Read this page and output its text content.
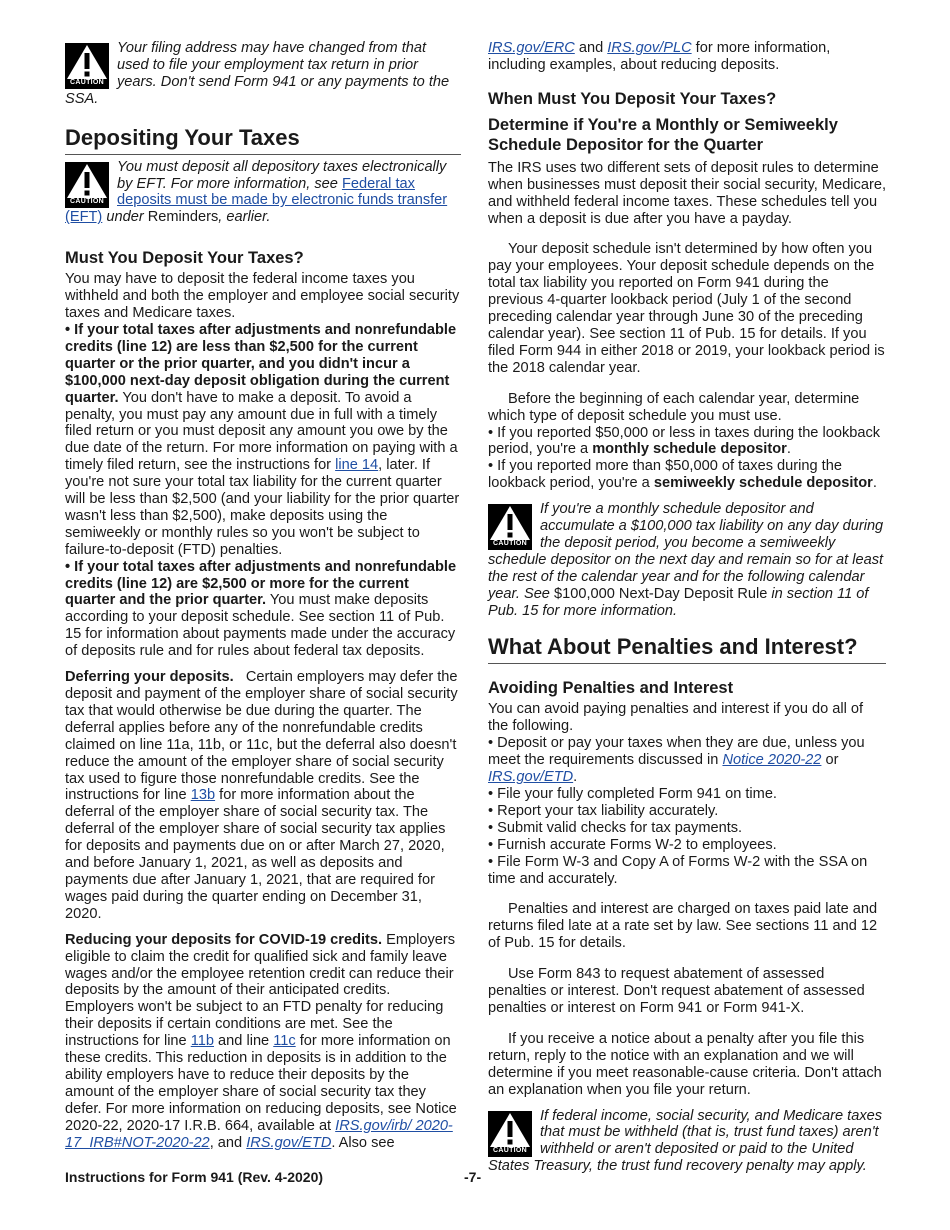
CAUTION

Your filing address may have changed from that used to file your employment tax return in prior years. Don't send Form 941 or any payments to the SSA.

Depositing Your Taxes
CAUTION

You must deposit all depository taxes electronically by EFT. For more information, see Federal tax deposits must be made by electronic funds transfer (EFT) under Reminders, earlier.

Must You Deposit Your Taxes?

You may have to deposit the federal income taxes you withheld and both the employer and employee social security taxes and Medicare taxes.

• If your total taxes after adjustments and nonrefundable credits (line 12) are less than $2,500 for the current quarter or the prior quarter, and you didn't incur a $100,000 next-day deposit obligation during the current quarter. You don't have to make a deposit. To avoid a penalty, you must pay any amount due in full with a timely filed return or you must deposit any amount you owe by the due date of the return. For more information on paying with a timely filed return, see the instructions for line 14, later. If you're not sure your total tax liability for the current quarter will be less than $2,500 (and your liability for the prior quarter wasn't less than $2,500), make deposits using the semiweekly or monthly rules so you won't be subject to failure-to-deposit (FTD) penalties.

• If your total taxes after adjustments and nonrefundable credits (line 12) are $2,500 or more for the current quarter and the prior quarter. You must make deposits according to your deposit schedule. See section 11 of Pub. 15 for information about payments made under the accuracy of deposits rule and for rules about federal tax deposits.

Deferring your deposits.   Certain employers may defer the deposit and payment of the employer share of social security tax that would otherwise be due during the quarter. The deferral applies before any of the nonrefundable credits claimed on line 11a, 11b, or 11c, but the deferral also doesn't reduce the amount of the employer share of social security tax used to figure those nonrefundable credits. See the instructions for line 13b for more information about the deferral of the employer share of social security tax. The deferral of the employer share of social security tax applies for deposits and payments due on or after March 27, 2020, and before January 1, 2021, as well as deposits and payments due after January 1, 2021, that are required for wages paid during the quarter ending on December 31, 2020.

Reducing your deposits for COVID-19 credits. Employers eligible to claim the credit for qualified sick and family leave wages and/or the employee retention credit can reduce their deposits by the amount of their anticipated credits. Employers won't be subject to an FTD penalty for reducing their deposits if certain conditions are met. See the instructions for line 11b and line 11c for more information on these credits. This reduction in deposits is in addition to the ability employers have to reduce their deposits by the amount of the employer share of social security tax they defer. For more information on reducing deposits, see Notice 2020-22, 2020-17 I.R.B. 664, available at IRS.gov/irb/ 2020-17_IRB#NOT-2020-22, and IRS.gov/ETD. Also see

IRS.gov/ERC and IRS.gov/PLC for more information, including examples, about reducing deposits.

When Must You Deposit Your Taxes?
Determine if You're a Monthly or Semiweekly Schedule Depositor for the Quarter

The IRS uses two different sets of deposit rules to determine when businesses must deposit their social security, Medicare, and withheld federal income taxes. These schedules tell you when a deposit is due after you have a payday.

Your deposit schedule isn't determined by how often you pay your employees. Your deposit schedule depends on the total tax liability you reported on Form 941 during the previous 4-quarter lookback period (July 1 of the second preceding calendar year through June 30 of the preceding calendar year). See section 11 of Pub. 15 for details. If you filed Form 944 in either 2018 or 2019, your lookback period is the 2018 calendar year.

Before the beginning of each calendar year, determine which type of deposit schedule you must use.

• If you reported $50,000 or less in taxes during the lookback period, you're a monthly schedule depositor.

• If you reported more than $50,000 of taxes during the lookback period, you're a semiweekly schedule depositor.

CAUTION

If you're a monthly schedule depositor and accumulate a $100,000 tax liability on any day during the deposit period, you become a semiweekly schedule depositor on the next day and remain so for at least the rest of the calendar year and for the following calendar year. See $100,000 Next-Day Deposit Rule in section 11 of Pub. 15 for more information.

What About Penalties and Interest?
Avoiding Penalties and Interest

You can avoid paying penalties and interest if you do all of the following.

• Deposit or pay your taxes when they are due, unless you meet the requirements discussed in Notice 2020-22 or IRS.gov/ETD.

• File your fully completed Form 941 on time.

• Report your tax liability accurately.

• Submit valid checks for tax payments.

• Furnish accurate Forms W-2 to employees.

• File Form W-3 and Copy A of Forms W-2 with the SSA on time and accurately.

Penalties and interest are charged on taxes paid late and returns filed late at a rate set by law. See sections 11 and 12 of Pub. 15 for details.

Use Form 843 to request abatement of assessed penalties or interest. Don't request abatement of assessed penalties or interest on Form 941 or Form 941-X.

If you receive a notice about a penalty after you file this return, reply to the notice with an explanation and we will determine if you meet reasonable-cause criteria. Don't attach an explanation when you file your return.

CAUTION

If federal income, social security, and Medicare taxes that must be withheld (that is, trust fund taxes) aren't withheld or aren't deposited or paid to the United States Treasury, the trust fund recovery penalty may apply.

Instructions for Form 941 (Rev. 4-2020)	-7-
